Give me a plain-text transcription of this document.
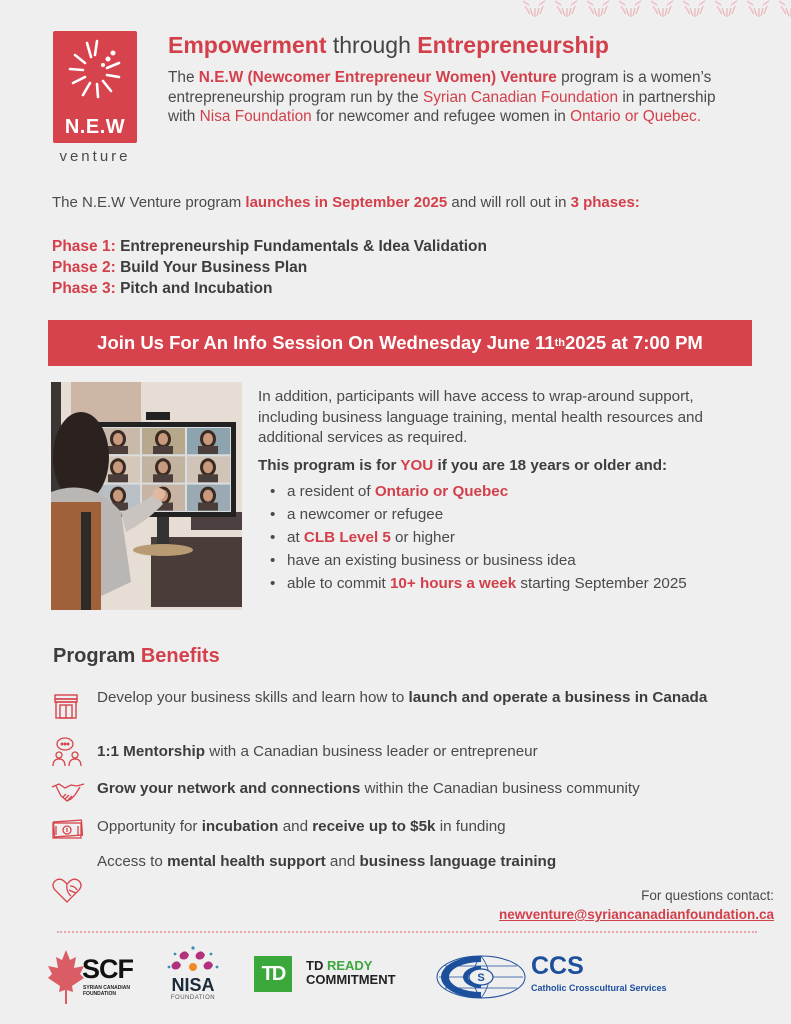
N.E.W
venture
Empowerment through Entrepreneurship

The N.E.W (Newcomer Entrepreneur Women) Venture program is a women’s entrepreneurship program run by the Syrian Canadian Foundation in partnership with Nisa Foundation for newcomer and refugee women in Ontario or Quebec.

The N.E.W Venture program launches in September 2025 and will roll out in 3 phases:

Phase 1: Entrepreneurship Fundamentals & Idea Validation
Phase 2: Build Your Business Plan
Phase 3: Pitch and Incubation
Join Us For An Info Session On Wednesday June 11 th 2025 at 7:00 PM

In addition, participants will have access to wrap-around support, including business language training, mental health resources and additional services as required.

This program is for YOU if you are 18 years or older and:

• a resident of Ontario or Quebec
• a newcomer or refugee
• at CLB Level 5 or higher
• have an existing business or business idea
• able to commit 10+ hours a week starting September 2025
Program Benefits

Develop your business skills and learn how to launch and operate a business in Canada

1:1 Mentorship with a Canadian business leader or entrepreneur

Grow your network and connections within the Canadian business community

Opportunity for incubation and receive up to $5k in funding

Access to mental health support and business language training

For questions contact:
newventure@syriancanadianfoundation.ca
SCF
SYRIAN CANADIAN
FOUNDATION	NISA
FOUNDATION
TD	TD READY
COMMITMENT	S CCS
Catholic Crosscultural Services
